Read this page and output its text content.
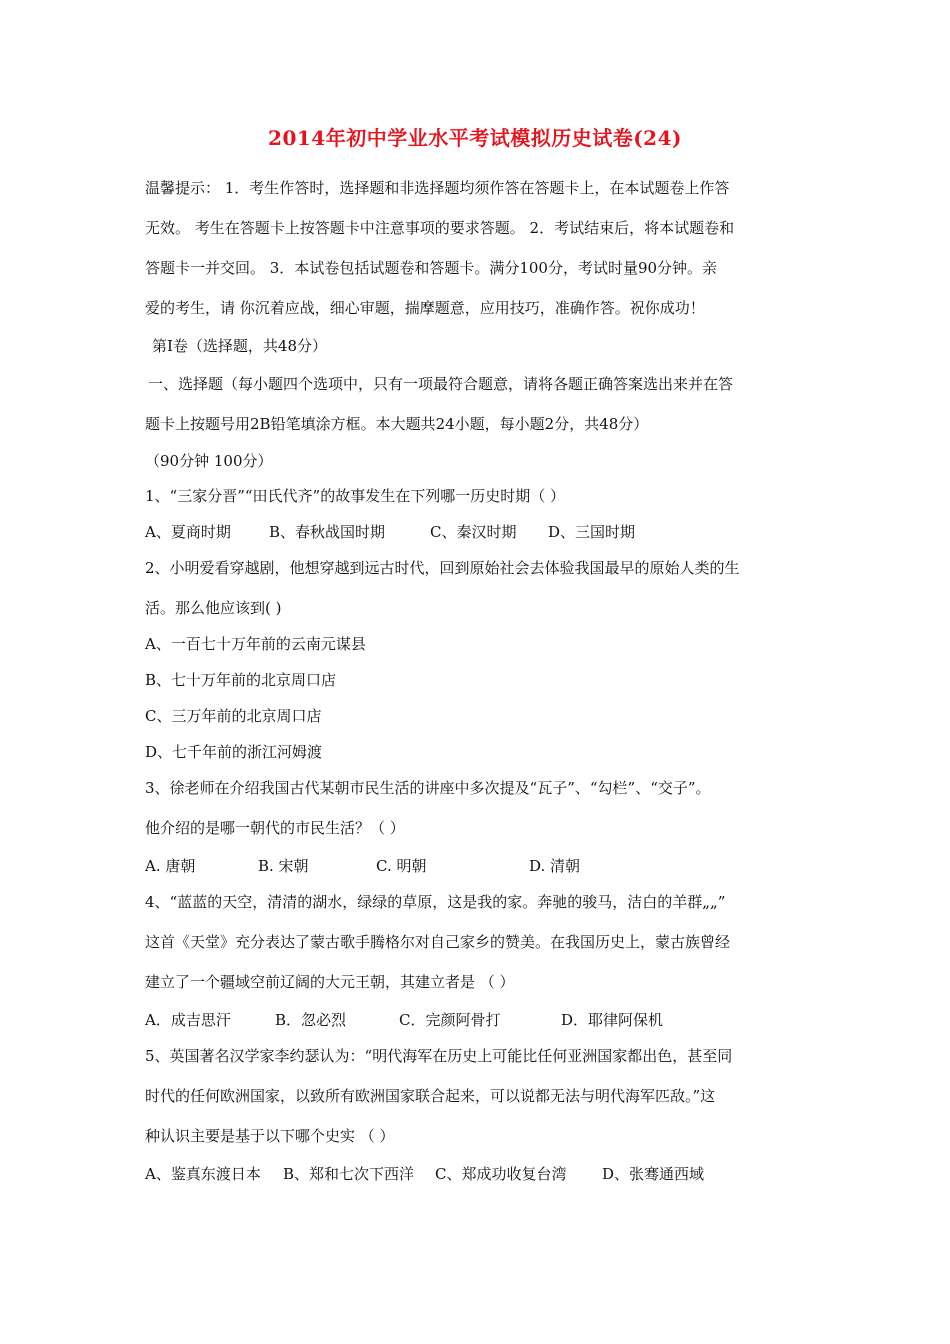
2014年初中学业水平考试模拟历史试卷(24)
温馨提示： 1．考生作答时，选择题和非选择题均须作答在答题卡上，在本试题卷上作答
无效。 考生在答题卡上按答题卡中注意事项的要求答题。 2．考试结束后，将本试题卷和
答题卡一并交回。 3．本试卷包括试题卷和答题卡。满分100分，考试时量90分钟。亲
爱的考生，请 你沉着应战，细心审题，揣摩题意，应用技巧，准确作答。祝你成功！
第Ⅰ卷（选择题，共48分）
一、选择题（每小题四个选项中，只有一项最符合题意，请将各题正确答案选出来并在答
题卡上按题号用2B铅笔填涂方框。本大题共24小题，每小题2分，共48分）
（90分钟 100分）
1、“三家分晋”“田氏代齐”的故事发生在下列哪一历史时期（ ）
A、夏商时期	B、春秋战国时期	C、秦汉时期 D、三国时期
2、小明爱看穿越剧，他想穿越到远古时代，回到原始社会去体验我国最早的原始人类的生
活。那么他应该到( )
A、一百七十万年前的云南元谋县
B、七十万年前的北京周口店
C、三万年前的北京周口店
D、七千年前的浙江河姆渡
3、徐老师在介绍我国古代某朝市民生活的讲座中多次提及“瓦子”、“勾栏”、“交子”。
他介绍的是哪一朝代的市民生活？（ ）
A. 唐朝	B. 宋朝	C. 明朝	D. 清朝
4、“蓝蓝的天空，清清的湖水，绿绿的草原，这是我的家。奔驰的骏马，洁白的羊群„„”
这首《天堂》充分表达了蒙古歌手腾格尔对自己家乡的赞美。在我国历史上，蒙古族曾经
建立了一个疆域空前辽阔的大元王朝，其建立者是 （ ）
A．成吉思汗	B．忽必烈	C．完颜阿骨打	D．耶律阿保机
5、英国著名汉学家李约瑟认为：“明代海军在历史上可能比任何亚洲国家都出色，甚至同
时代的任何欧洲国家，以致所有欧洲国家联合起来，可以说都无法与明代海军匹敌。”这
种认识主要是基于以下哪个史实 （ ）
A、鉴真东渡日本 B、郑和七次下西洋 C、郑成功收复台湾 D、张骞通西域
